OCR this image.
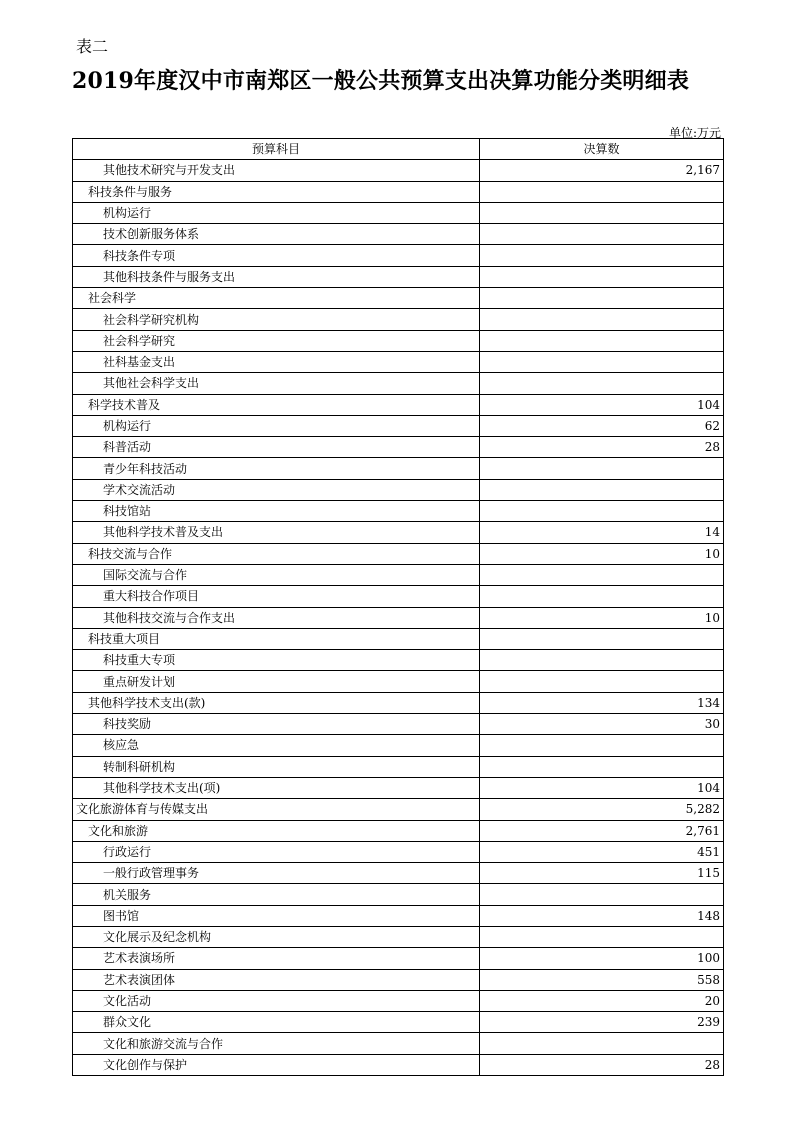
表二
2019年度汉中市南郑区一般公共预算支出决算功能分类明细表
单位:万元
预算科目	决算数
其他技术研究与开发支出	2,167
科技条件与服务	
机构运行	
技术创新服务体系	
科技条件专项	
其他科技条件与服务支出	
社会科学	
社会科学研究机构	
社会科学研究	
社科基金支出	
其他社会科学支出	
科学技术普及	104
机构运行	62
科普活动	28
青少年科技活动	
学术交流活动	
科技馆站	
其他科学技术普及支出	14
科技交流与合作	10
国际交流与合作	
重大科技合作项目	
其他科技交流与合作支出	10
科技重大项目	
科技重大专项	
重点研发计划	
其他科学技术支出(款)	134
科技奖励	30
核应急	
转制科研机构	
其他科学技术支出(项)	104
文化旅游体育与传媒支出	5,282
文化和旅游	2,761
行政运行	451
一般行政管理事务	115
机关服务	
图书馆	148
文化展示及纪念机构	
艺术表演场所	100
艺术表演团体	558
文化活动	20
群众文化	239
文化和旅游交流与合作	
文化创作与保护	28
